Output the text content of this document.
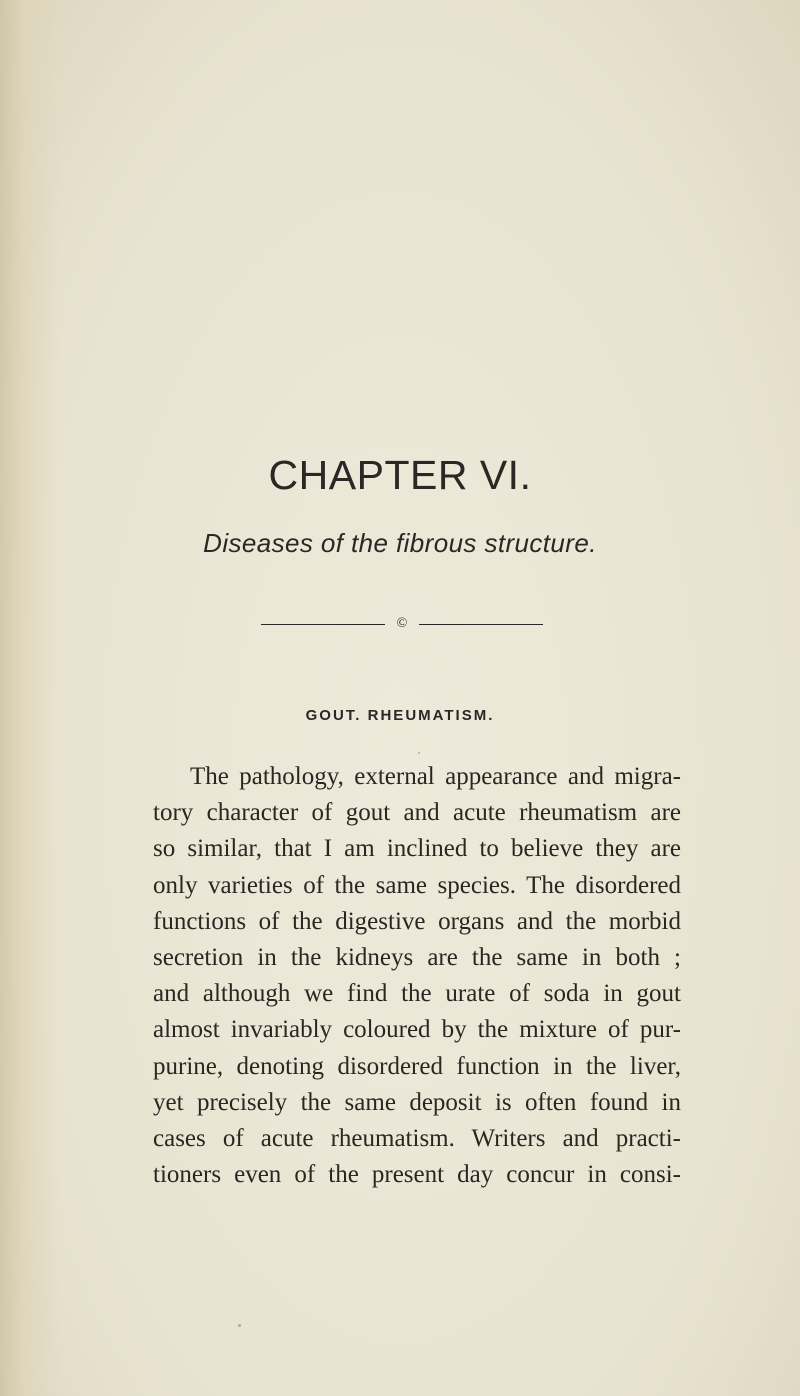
CHAPTER VI.
Diseases of the fibrous structure.
©
GOUT. RHEUMATISM.
The pathology, external appearance and migra-
tory character of gout and acute rheumatism are
so similar, that I am inclined to believe they are
only varieties of the same species. The disordered
functions of the digestive organs and the morbid
secretion in the kidneys are the same in both ;
and although we find the urate of soda in gout
almost invariably coloured by the mixture of pur-
purine, denoting disordered function in the liver,
yet precisely the same deposit is often found in
cases of acute rheumatism. Writers and practi-
tioners even of the present day concur in consi-
